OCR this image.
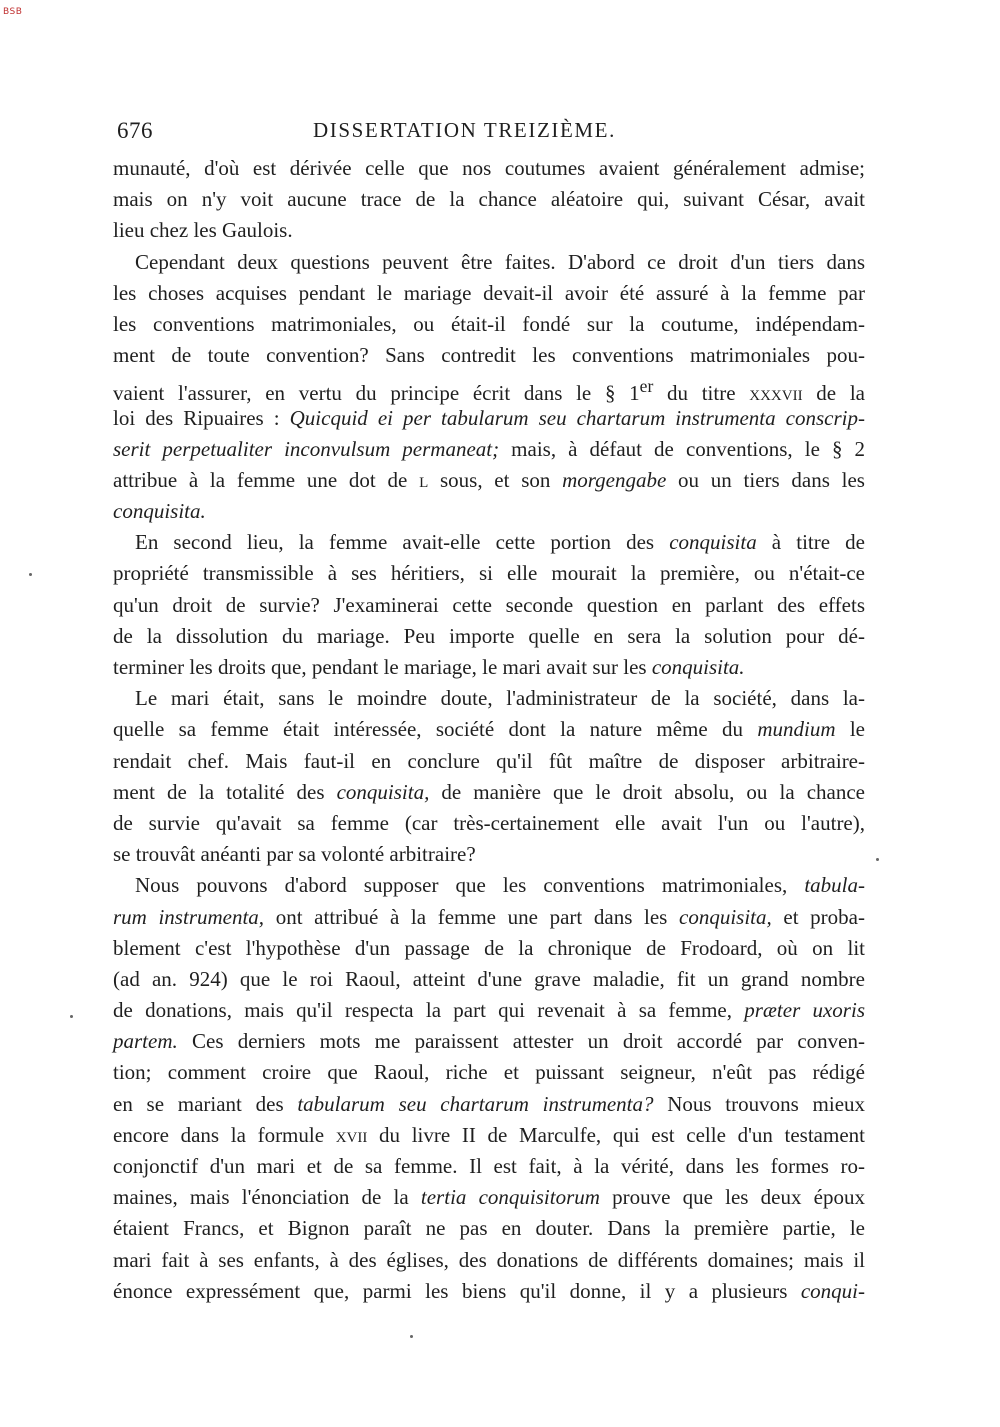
BSB
676	DISSERTATION TREIZIÈME.
munauté, d'où est dérivée celle que nos coutumes avaient généralement admise;
mais on n'y voit aucune trace de la chance aléatoire qui, suivant César, avait
lieu chez les Gaulois.
Cependant deux questions peuvent être faites. D'abord ce droit d'un tiers dans
les choses acquises pendant le mariage devait-il avoir été assuré à la femme par
les conventions matrimoniales, ou était-il fondé sur la coutume, indépendam-
ment de toute convention? Sans contredit les conventions matrimoniales pou-
vaient l'assurer, en vertu du principe écrit dans le § 1er du titre xxxvii de la
loi des Ripuaires : Quicquid ei per tabularum seu chartarum instrumenta conscrip-
serit perpetualiter inconvulsum permaneat; mais, à défaut de conventions, le § 2
attribue à la femme une dot de l sous, et son morgengabe ou un tiers dans les
conquisita.
En second lieu, la femme avait-elle cette portion des conquisita à titre de
propriété transmissible à ses héritiers, si elle mourait la première, ou n'était-ce
qu'un droit de survie? J'examinerai cette seconde question en parlant des effets
de la dissolution du mariage. Peu importe quelle en sera la solution pour dé-
terminer les droits que, pendant le mariage, le mari avait sur les conquisita.
Le mari était, sans le moindre doute, l'administrateur de la société, dans la-
quelle sa femme était intéressée, société dont la nature même du mundium le
rendait chef. Mais faut-il en conclure qu'il fût maître de disposer arbitraire-
ment de la totalité des conquisita, de manière que le droit absolu, ou la chance
de survie qu'avait sa femme (car très-certainement elle avait l'un ou l'autre),
se trouvât anéanti par sa volonté arbitraire?
Nous pouvons d'abord supposer que les conventions matrimoniales, tabula-
rum instrumenta, ont attribué à la femme une part dans les conquisita, et proba-
blement c'est l'hypothèse d'un passage de la chronique de Frodoard, où on lit
(ad an. 924) que le roi Raoul, atteint d'une grave maladie, fit un grand nombre
de donations, mais qu'il respecta la part qui revenait à sa femme, præter uxoris
partem. Ces derniers mots me paraissent attester un droit accordé par conven-
tion; comment croire que Raoul, riche et puissant seigneur, n'eût pas rédigé
en se mariant des tabularum seu chartarum instrumenta? Nous trouvons mieux
encore dans la formule xvii du livre II de Marculfe, qui est celle d'un testament
conjonctif d'un mari et de sa femme. Il est fait, à la vérité, dans les formes ro-
maines, mais l'énonciation de la tertia conquisitorum prouve que les deux époux
étaient Francs, et Bignon paraît ne pas en douter. Dans la première partie, le
mari fait à ses enfants, à des églises, des donations de différents domaines; mais il
énonce expressément que, parmi les biens qu'il donne, il y a plusieurs conqui-
